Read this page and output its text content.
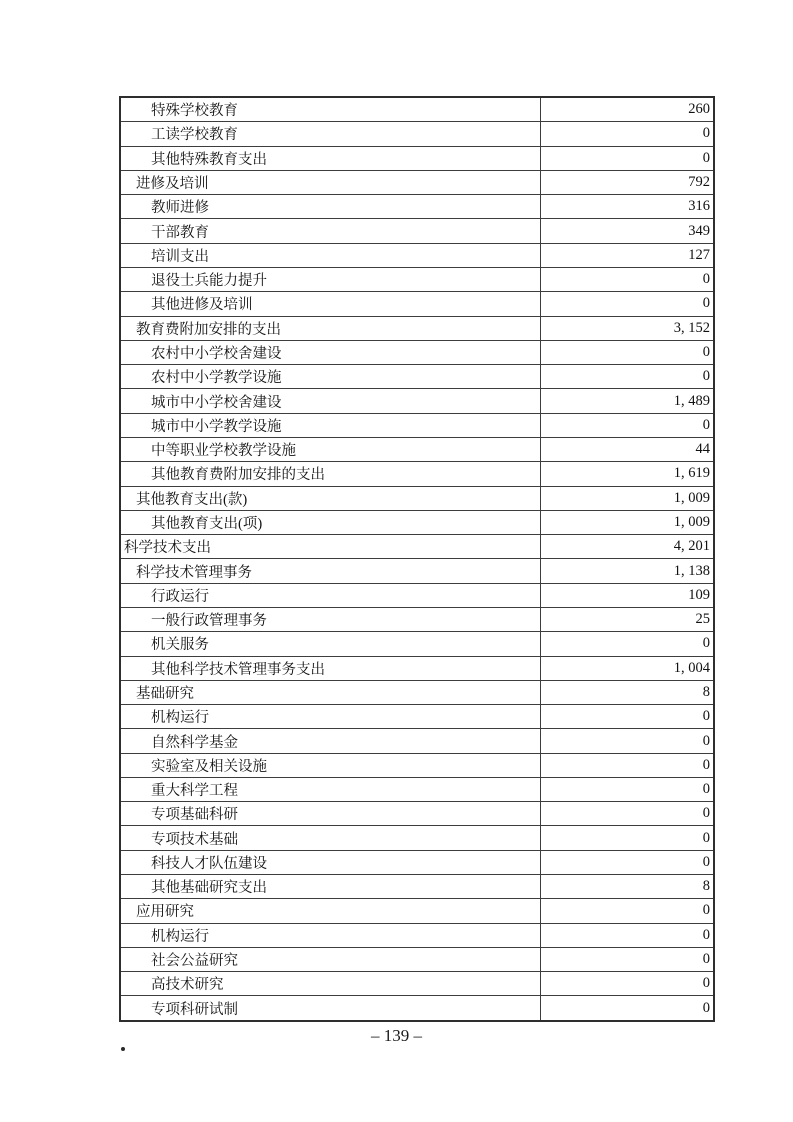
特殊学校教育	260
工读学校教育	0
其他特殊教育支出	0
进修及培训	792
教师进修	316
干部教育	349
培训支出	127
退役士兵能力提升	0
其他进修及培训	0
教育费附加安排的支出	3, 152
农村中小学校舍建设	0
农村中小学教学设施	0
城市中小学校舍建设	1, 489
城市中小学教学设施	0
中等职业学校教学设施	44
其他教育费附加安排的支出	1, 619
其他教育支出(款)	1, 009
其他教育支出(项)	1, 009
科学技术支出	4, 201
科学技术管理事务	1, 138
行政运行	109
一般行政管理事务	25
机关服务	0
其他科学技术管理事务支出	1, 004
基础研究	8
机构运行	0
自然科学基金	0
实验室及相关设施	0
重大科学工程	0
专项基础科研	0
专项技术基础	0
科技人才队伍建设	0
其他基础研究支出	8
应用研究	0
机构运行	0
社会公益研究	0
高技术研究	0
专项科研试制	0
– 139 –
